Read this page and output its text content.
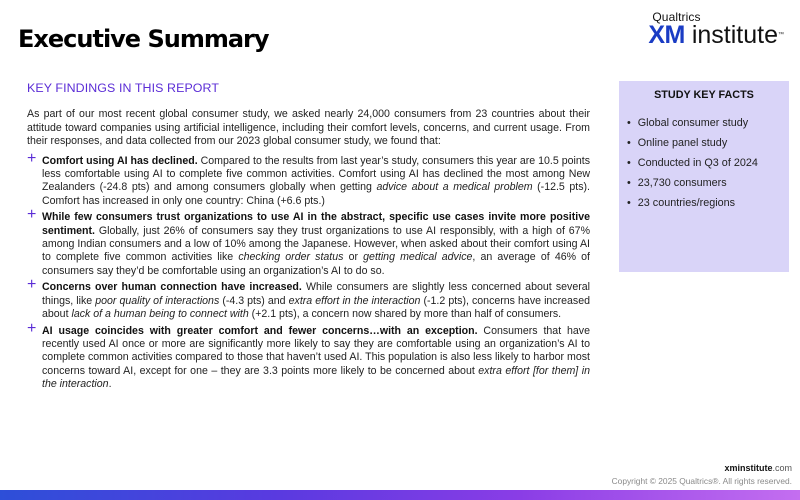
Executive Summary
Qualtrics
XM institute™
KEY FINDINGS IN THIS REPORT

As part of our most recent global consumer study, we asked nearly 24,000 consumers from 23 countries about their attitude toward companies using artificial intelligence, including their comfort levels, concerns, and current usage. From their responses, and data collected from our 2023 global consumer study, we found that:

+ Comfort using AI has declined. Compared to the results from last year’s study, consumers this year are 10.5 points less comfortable using AI to complete five common activities. Comfort using AI has declined the most among New Zealanders (-24.8 pts) and among consumers globally when getting advice about a medical problem (-12.5 pts). Comfort has increased in only one country: China (+6.6 pts.)
+ While few consumers trust organizations to use AI in the abstract, specific use cases invite more positive sentiment. Globally, just 26% of consumers say they trust organizations to use AI responsibly, with a high of 67% among Indian consumers and a low of 10% among the Japanese. However, when asked about their comfort using AI to complete five common activities like checking order status or getting medical advice, an average of 46% of consumers say they’d be comfortable using an organization’s AI to do so.
+ Concerns over human connection have increased. While consumers are slightly less concerned about several things, like poor quality of interactions (-4.3 pts) and extra effort in the interaction (-1.2 pts), concerns have increased about lack of a human being to connect with (+2.1 pts), a concern now shared by more than half of consumers.
+ AI usage coincides with greater comfort and fewer concerns…with an exception. Consumers that have recently used AI once or more are significantly more likely to say they are comfortable using an organization’s AI to complete common activities compared to those that haven’t used AI. This population is also less likely to harbor most concerns toward AI, except for one – they are 3.3 points more likely to be concerned about extra effort [for them] in the interaction.
STUDY KEY FACTS
• Global consumer study
• Online panel study
• Conducted in Q3 of 2024
• 23,730 consumers
• 23 countries/regions
xminstitute.com
Copyright © 2025 Qualtrics®. All rights reserved.
